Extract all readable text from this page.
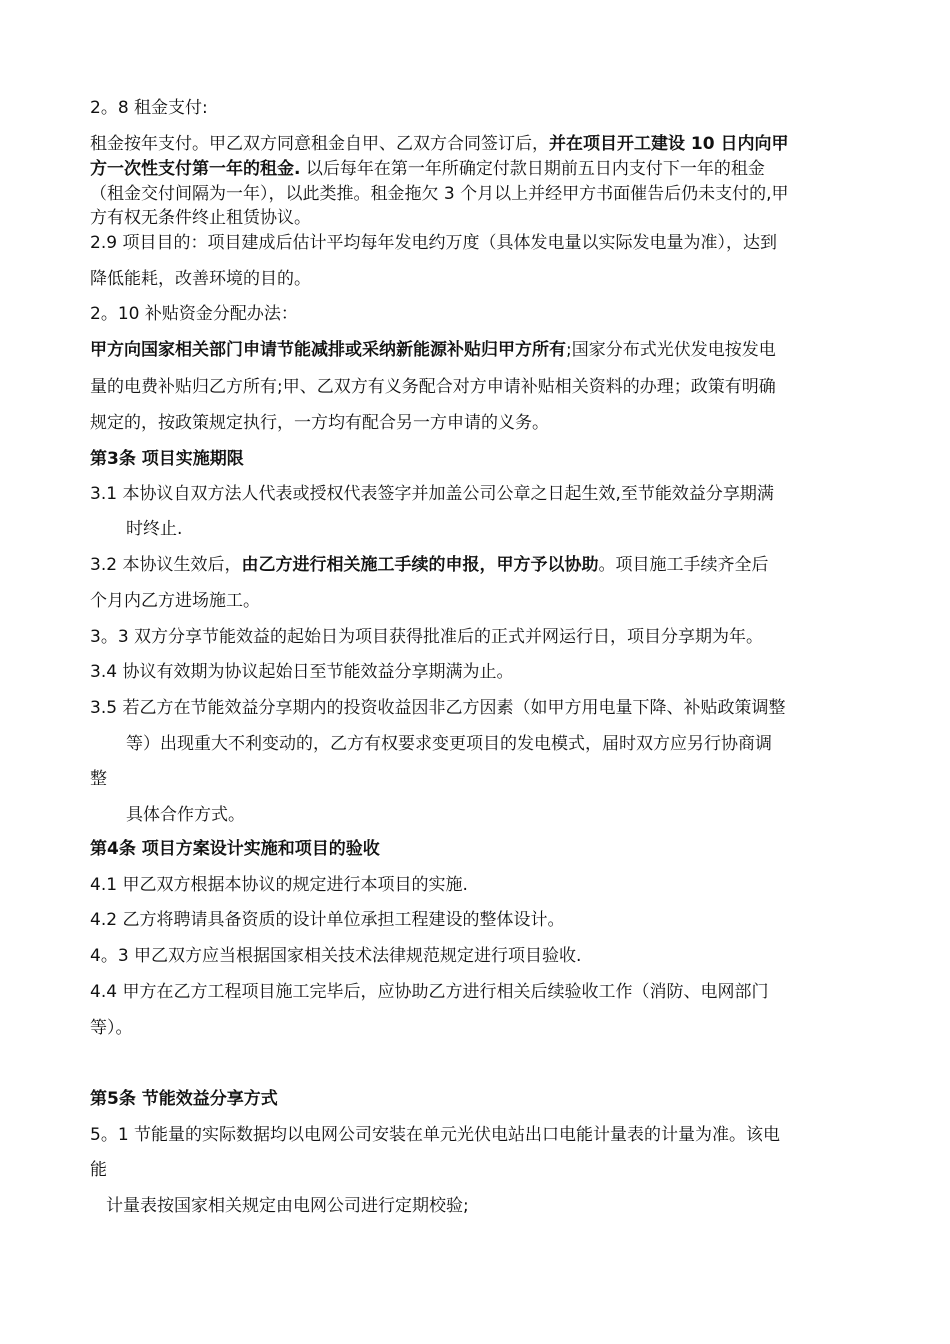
2。8 租金支付:
租金按年支付。甲乙双方同意租金自甲、乙双方合同签订后，并在项目开工建设 10 日内向甲
方一次性支付第一年的租金. 以后每年在第一年所确定付款日期前五日内支付下一年的租金
（租金交付间隔为一年），以此类推。租金拖欠 3 个月以上并经甲方书面催告后仍未支付的,甲
方有权无条件终止租赁协议。
2.9 项目目的：项目建成后估计平均每年发电约万度（具体发电量以实际发电量为准），达到
降低能耗，改善环境的目的。
2。10 补贴资金分配办法：
甲方向国家相关部门申请节能减排或采纳新能源补贴归甲方所有;国家分布式光伏发电按发电
量的电费补贴归乙方所有;甲、乙双方有义务配合对方申请补贴相关资料的办理；政策有明确
规定的，按政策规定执行，一方均有配合另一方申请的义务。
第3条 项目实施期限
3.1 本协议自双方法人代表或授权代表签字并加盖公司公章之日起生效,至节能效益分享期满
时终止.
3.2 本协议生效后，由乙方进行相关施工手续的申报，甲方予以协助。项目施工手续齐全后
个月内乙方进场施工。
3。3 双方分享节能效益的起始日为项目获得批准后的正式并网运行日，项目分享期为年。
3.4 协议有效期为协议起始日至节能效益分享期满为止。
3.5 若乙方在节能效益分享期内的投资收益因非乙方因素（如甲方用电量下降、补贴政策调整
等）出现重大不利变动的，乙方有权要求变更项目的发电模式，届时双方应另行协商调
整
具体合作方式。
第4条 项目方案设计实施和项目的验收
4.1 甲乙双方根据本协议的规定进行本项目的实施.
4.2 乙方将聘请具备资质的设计单位承担工程建设的整体设计。
4。3 甲乙双方应当根据国家相关技术法律规范规定进行项目验收.
4.4 甲方在乙方工程项目施工完毕后，应协助乙方进行相关后续验收工作（消防、电网部门
等）。
第5条 节能效益分享方式
5。1 节能量的实际数据均以电网公司安装在单元光伏电站出口电能计量表的计量为准。该电
能
计量表按国家相关规定由电网公司进行定期校验;
